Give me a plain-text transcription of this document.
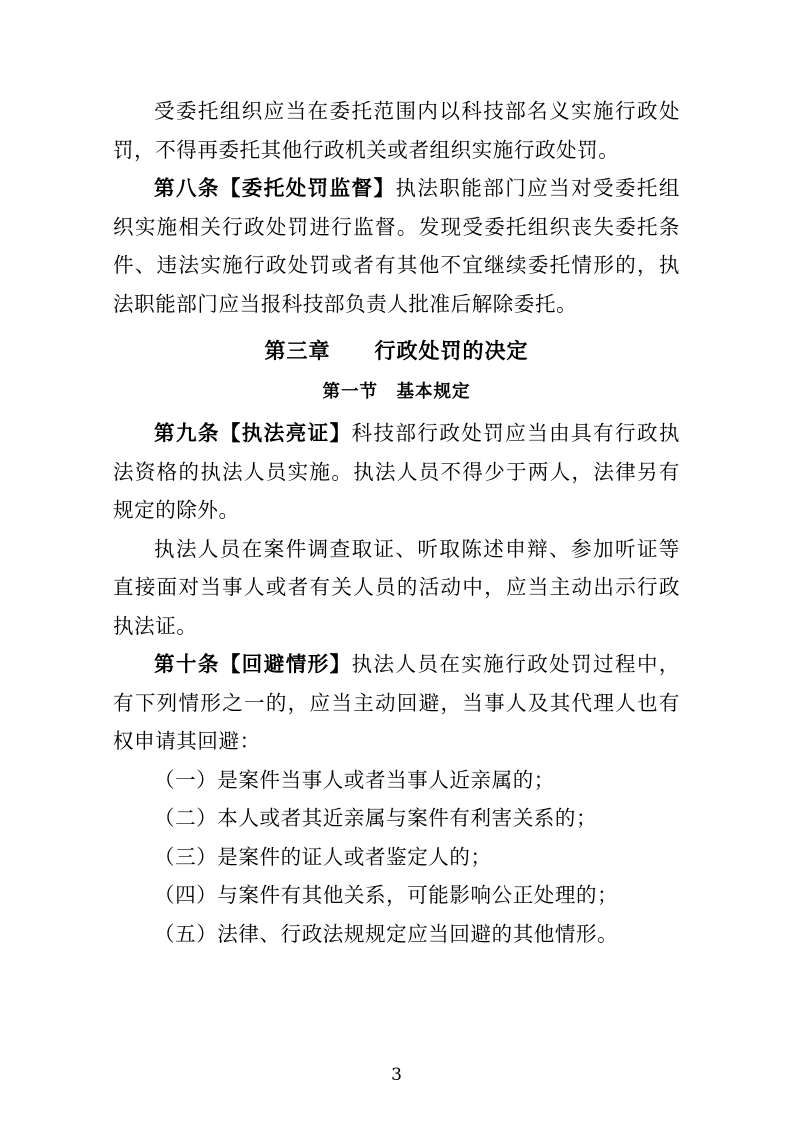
受委托组织应当在委托范围内以科技部名义实施行政处罚，不得再委托其他行政机关或者组织实施行政处罚。

第八条【委托处罚监督】执法职能部门应当对受委托组织实施相关行政处罚进行监督。发现受委托组织丧失委托条件、违法实施行政处罚或者有其他不宜继续委托情形的，执法职能部门应当报科技部负责人批准后解除委托。

第三章　　行政处罚的决定

第一节　基本规定

第九条【执法亮证】科技部行政处罚应当由具有行政执法资格的执法人员实施。执法人员不得少于两人，法律另有规定的除外。

执法人员在案件调查取证、听取陈述申辩、参加听证等直接面对当事人或者有关人员的活动中，应当主动出示行政执法证。

第十条【回避情形】执法人员在实施行政处罚过程中，有下列情形之一的，应当主动回避，当事人及其代理人也有权申请其回避：

（一）是案件当事人或者当事人近亲属的；

（二）本人或者其近亲属与案件有利害关系的；

（三）是案件的证人或者鉴定人的；

（四）与案件有其他关系，可能影响公正处理的；

（五）法律、行政法规规定应当回避的其他情形。

3
